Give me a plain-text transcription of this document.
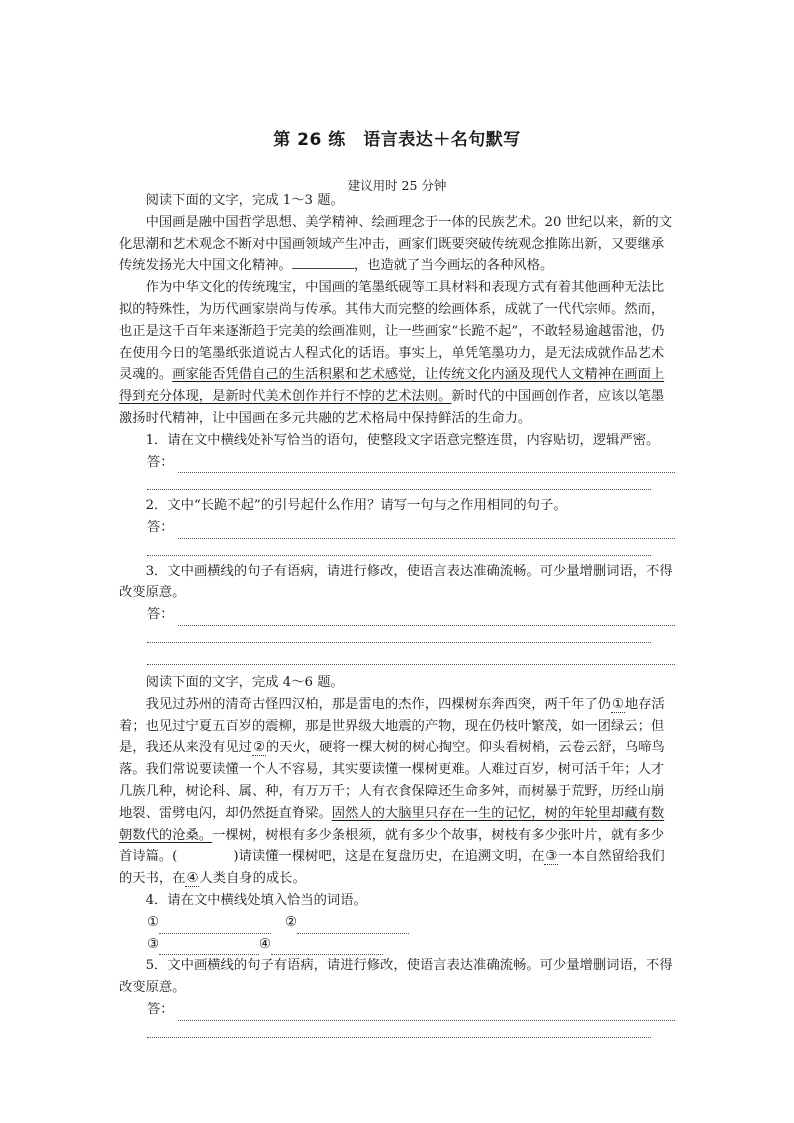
第 26 练　语言表达＋名句默写
建议用时 25 分钟

阅读下面的文字，完成 1～3 题。

中国画是融中国哲学思想、美学精神、绘画理念于一体的民族艺术。20 世纪以来，新的文化思潮和艺术观念不断对中国画领域产生冲击，画家们既要突破传统观念推陈出新，又要继承传统发扬光大中国文化精神。	，也造就了当今画坛的各种风格。

作为中华文化的传统瑰宝，中国画的笔墨纸砚等工具材料和表现方式有着其他画种无法比拟的特殊性，为历代画家崇尚与传承。其伟大而完整的绘画体系，成就了一代代宗师。然而，也正是这千百年来逐渐趋于完美的绘画准则，让一些画家“长跪不起”，不敢轻易逾越雷池，仍在使用今日的笔墨纸张道说古人程式化的话语。事实上，单凭笔墨功力，是无法成就作品艺术灵魂的。画家能否凭借自己的生活积累和艺术感觉，让传统文化内涵及现代人文精神在画面上得到充分体现，是新时代美术创作并行不悖的艺术法则。新时代的中国画创作者，应该以笔墨激扬时代精神，让中国画在多元共融的艺术格局中保持鲜活的生命力。

1．请在文中横线处补写恰当的语句，使整段文字语意完整连贯，内容贴切，逻辑严密。

答：

2．文中“长跪不起”的引号起什么作用？请写一句与之作用相同的句子。

答：

3．文中画横线的句子有语病，请进行修改，使语言表达准确流畅。可少量增删词语，不得改变原意。

答：

阅读下面的文字，完成 4～6 题。

我见过苏州的清奇古怪四汉柏，那是雷电的杰作，四棵树东奔西突，两千年了仍①地存活着；也见过宁夏五百岁的震柳，那是世界级大地震的产物，现在仍枝叶繁茂，如一团绿云；但是，我还从来没有见过②的天火，硬将一棵大树的树心掏空。仰头看树梢，云卷云舒，乌啼鸟落。我们常说要读懂一个人不容易，其实要读懂一棵树更难。人难过百岁，树可活千年；人才几族几种，树论科、属、种，有万万千；人有衣食保障还生命多舛，而树暴于荒野，历经山崩地裂、雷劈电闪，却仍然挺直脊梁。固然人的大脑里只存在一生的记忆，树的年轮里却藏有数朝数代的沧桑。一棵树，树根有多少条根须，就有多少个故事，树枝有多少张叶片，就有多少首诗篇。(	)请读懂一棵树吧，这是在复盘历史，在追溯文明，在③一本自然留给我们的天书，在④人类自身的成长。

4．请在文中横线处填入恰当的词语。

①	②
③	④

5．文中画横线的句子有语病，请进行修改，使语言表达准确流畅。可少量增删词语，不得改变原意。

答：
